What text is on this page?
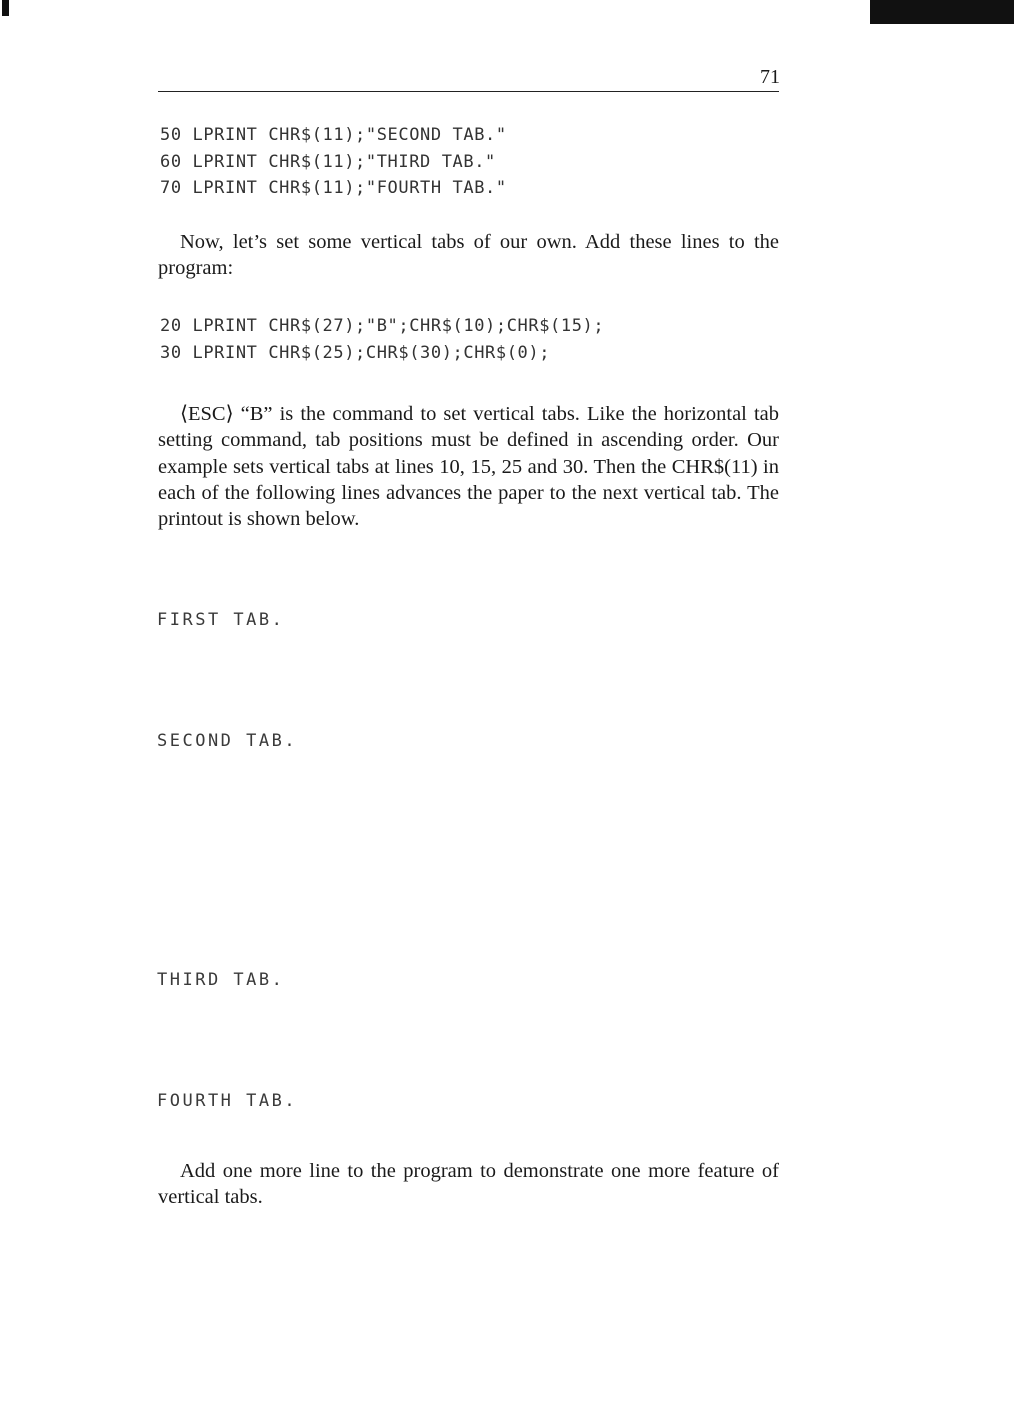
71
50 LPRINT CHR$(11);"SECOND TAB."
60 LPRINT CHR$(11);"THIRD TAB."
70 LPRINT CHR$(11);"FOURTH TAB."
Now, let’s set some vertical tabs of our own. Add these lines to the program:
20 LPRINT CHR$(27);"B";CHR$(10);CHR$(15);
30 LPRINT CHR$(25);CHR$(30);CHR$(0);
⟨ESC⟩ “B” is the command to set vertical tabs. Like the horizontal tab setting command, tab positions must be defined in ascending order. Our example sets vertical tabs at lines 10, 15, 25 and 30. Then the CHR$(11) in each of the following lines advances the paper to the next vertical tab. The printout is shown below.
FIRST TAB.
SECOND TAB.
THIRD TAB.
FOURTH TAB.
Add one more line to the program to demonstrate one more feature of vertical tabs.
